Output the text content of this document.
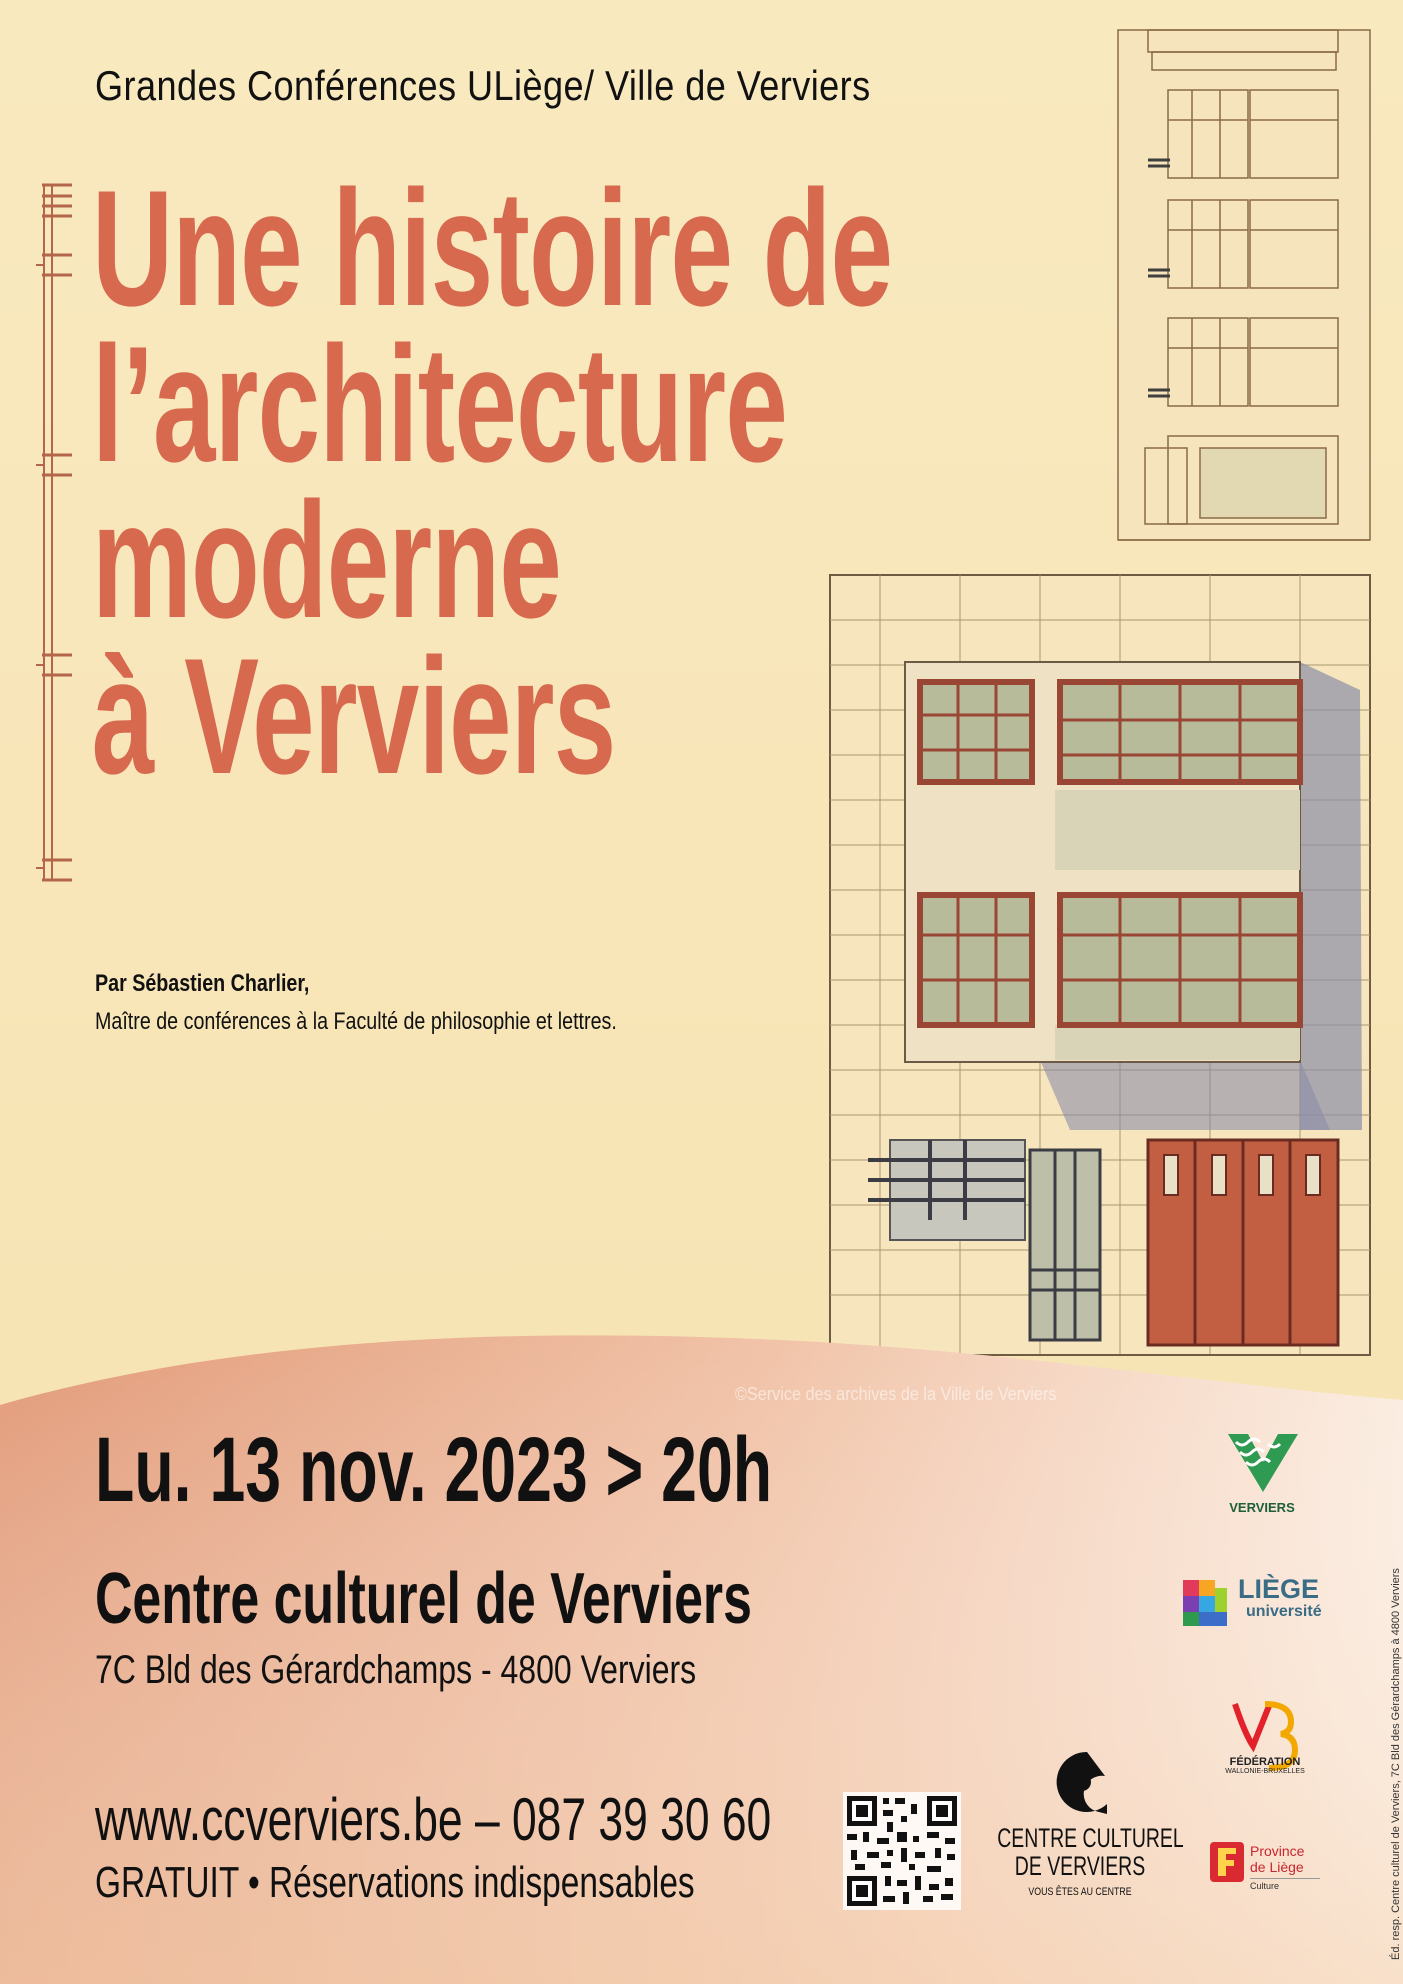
Grandes Conférences ULiège/ Ville de Verviers
Une histoire de
l’architecture
moderne
à Verviers
Par Sébastien Charlier,
Maître de conférences à la Faculté de philosophie et lettres.
©Service des archives de la Ville de Verviers
Lu. 13 nov. 2023 > 20h
Centre culturel de Verviers
7C Bld des Gérardchamps - 4800 Verviers
www.ccverviers.be – 087 39 30 60
GRATUIT • Réservations indispensables
CENTRE CULTUREL
DE VERVIERS
VOUS ÊTES AU CENTRE
VERVIERS
LIÈGE
université
FÉDÉRATION
WALLONIE-BRUXELLES
Province
de Liège
Culture	Éd. resp. Centre culturel de Verviers, 7C Bld des Gérardchamps à 4800 Verviers
